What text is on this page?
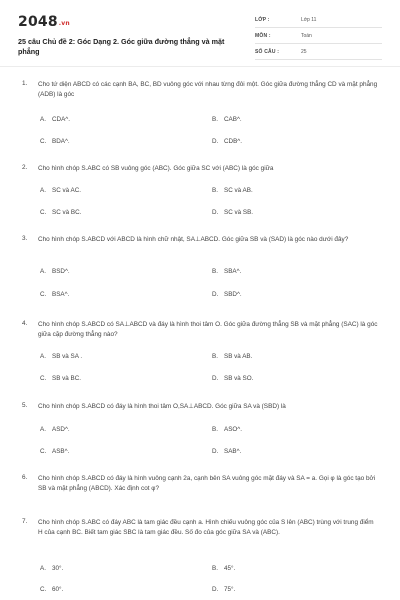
2048.vn
25 câu Chủ đề 2: Góc Dạng 2. Góc giữa đường thẳng và mặt phẳng
LỚP :	Lớp 11
MÔN :	Toán
SỐ CÂU :	25
1. Cho tứ diện ABCD có các cạnh BA, BC, BD vuông góc với nhau từng đôi một. Góc giữa đường thẳng CD và mặt phẳng (ADB) là góc
A. CDA^.	B. CAB^.
C. BDA^.	D. CDB^.
2. Cho hình chóp S.ABC có SB vuông góc (ABC). Góc giữa SC với (ABC) là góc giữa
A. SC và AC.	B. SC và AB.
C. SC và BC.	D. SC và SB.
3. Cho hình chóp S.ABCD với ABCD là hình chữ nhật, SA⊥ABCD. Góc giữa SB và (SAD) là góc nào dưới đây?
A. BSD^.	B. SBA^.
C. BSA^.	D. SBD^.
4. Cho hình chóp S.ABCD có SA⊥ABCD và đáy là hình thoi tâm O. Góc giữa đường thẳng SB và mặt phẳng (SAC) là góc giữa cặp đường thẳng nào?
A. SB và SA .	B. SB và AB.
C. SB và BC.	D. SB và SO.
5. Cho hình chóp S.ABCD có đáy là hình thoi tâm O,SA⊥ABCD. Góc giữa SA và (SBD) là
A. ASD^.	B. ASO^.
C. ASB^.	D. SAB^.
6. Cho hình chóp S.ABCD có đáy là hình vuông cạnh 2a, cạnh bên SA vuông góc mặt đáy và SA = a. Gọi φ là góc tạo bởi SB và mặt phẳng (ABCD). Xác định cot φ?
7. Cho hình chóp S.ABC có đáy ABC là tam giác đều cạnh a. Hình chiếu vuông góc của S lên (ABC) trùng với trung điểm H của cạnh BC. Biết tam giác SBC là tam giác đều. Số đo của góc giữa SA và (ABC).
A. 30°.	B. 45°.
C. 60°.	D. 75°.
